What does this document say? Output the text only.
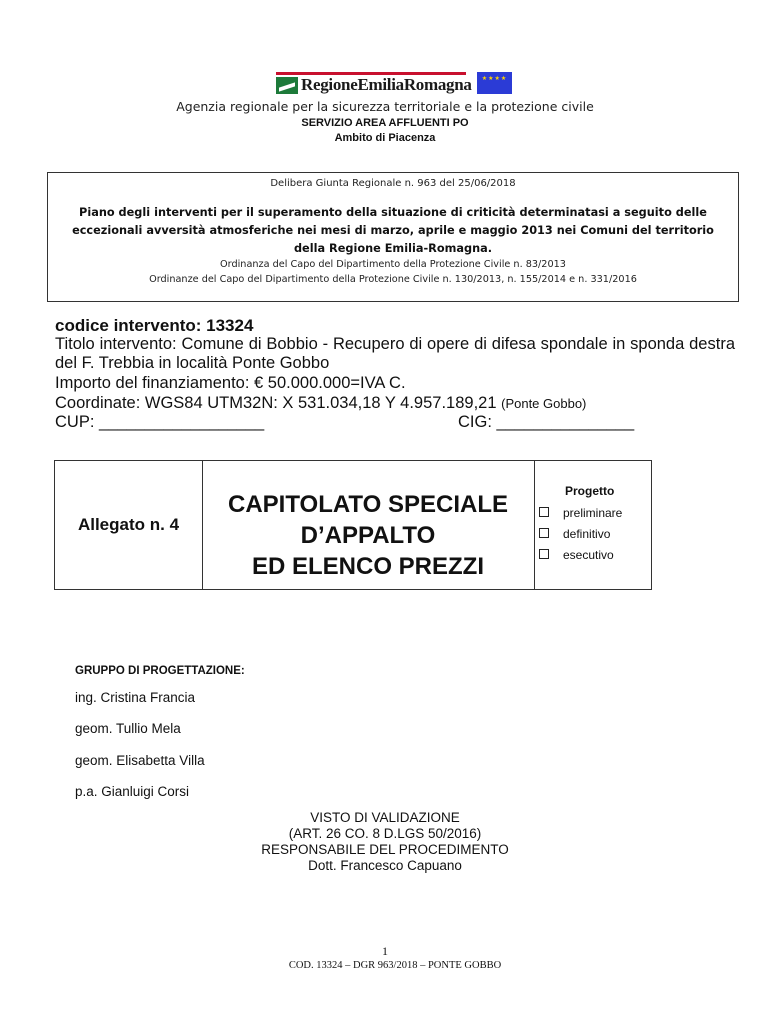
RegioneEmiliaRomagna	★★★★
Agenzia regionale per la sicurezza territoriale e la protezione civile
SERVIZIO AREA AFFLUENTI PO
Ambito di Piacenza
Delibera Giunta Regionale n. 963 del 25/06/2018
Piano degli interventi per il superamento della situazione di criticità determinatasi a seguito delle eccezionali avversità atmosferiche nei mesi di marzo, aprile e maggio 2013 nei Comuni del territorio della Regione Emilia-Romagna.
Ordinanza del Capo del Dipartimento della Protezione Civile n. 83/2013
Ordinanze del Capo del Dipartimento della Protezione Civile n. 130/2013, n. 155/2014 e n. 331/2016
codice intervento: 13324
Titolo intervento: Comune di Bobbio - Recupero di opere di difesa spondale in sponda destra del F. Trebbia in località Ponte Gobbo
Importo del finanziamento: € 50.000.000=IVA C.
Coordinate: WGS84 UTM32N: X 531.034,18 Y 4.957.189,21 (Ponte Gobbo)
CUP: __________________	CIG: _______________
Allegato n. 4
CAPITOLATO SPECIALE
D’APPALTO
ED ELENCO PREZZI
Progetto
preliminare
definitivo
esecutivo
GRUPPO DI PROGETTAZIONE:
ing. Cristina Francia
geom. Tullio Mela
geom. Elisabetta Villa
p.a. Gianluigi Corsi
VISTO DI VALIDAZIONE
(ART. 26 CO. 8 D.LGS 50/2016)
RESPONSABILE DEL PROCEDIMENTO
Dott. Francesco Capuano
1
COD. 13324 – DGR 963/2018 – PONTE GOBBO
